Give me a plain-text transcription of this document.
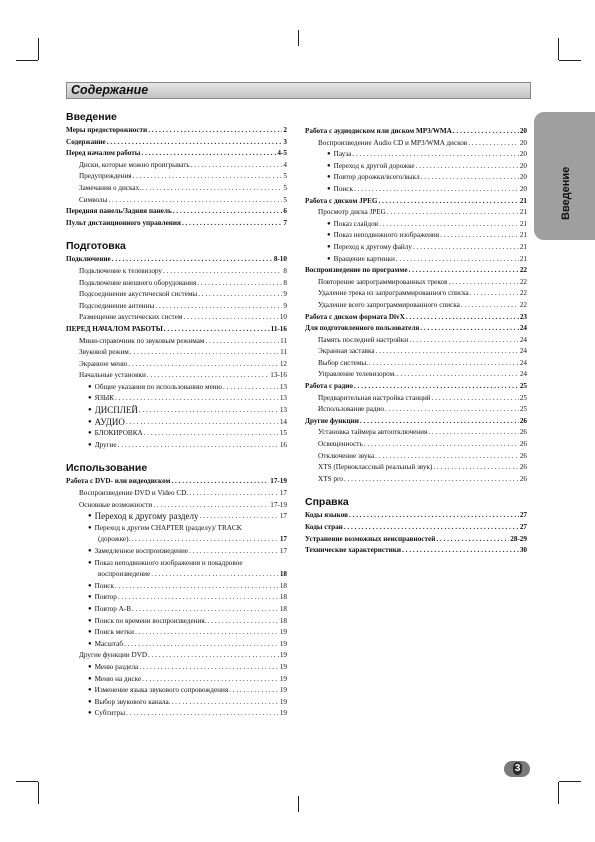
Содержание
Введение
Введение
Меры предосторожности . . .	2
Содержание . . .	3
Перед началом работы . . .	4-5
Диски, которые можно проигрывать . . .	4
Предупреждения . . .	5
Замечания о дисках. . . .	5
Символы . . .	5
Передняя панель/Задняя панель . . .	6
Пульт дистанционного управления . . .	7
Подготовка
Подключение . . .	8-10
Подключение к телевизору . . .	8
Подключение внешнего оборудования . . .	8
Подсоединение акустической системы . . .	9
Подсоединение антенны . . .	9
Размещение акустических систем . . .	10
ПЕРЕД НАЧАЛОМ РАБОТЫ . . .	11-16
Мини-справочник по звуковым режимам . . .	11
Звуковой режим . . .	11
Экранное меню . . .	12
Начальные установки . . .	13-16
● Общие указания по использованию меню . . .	13
● ЯЗЫК . . .	13
● ДИСПЛЕЙ . . .	13
● АУДИО . . .	14
● БЛОКИРОВКА . . .	15
● Другие . . .	16
Использование
Работа с DVD- или видеодиском . . .	17-19
Воспроизведение DVD и Video CD. . . .	17
Основные возможности . . .	17-19
● Переход к другому разделу . . .	17
● Переход к другим CHAPTER (разделу)/ TRACK
(дорожке). . . .	17
● Замедленное воспроизведение . . .	17
● Показ неподвижного изображения и покадровое
воспроизведение . . .	18
● Поиск . . .	18
● Повтор . . .	18
● Повтор A-B . . .	18
● Поиск по времени воспроизведения. . . .	18
● Поиск метки . . .	19
● Масштаб . . .	19
Другие функции DVD . . .	19
● Меню раздела . . .	19
● Меню на диске . . .	19
● Изменение языка звукового сопровождения . . .	19
● Выбор звукового канала. . . .	19
● Субтитры . . .	19
Работа с аудиодиском или диском MP3/WMA . . .	20
Воспроизведение Audio CD и MP3/WMA дисков . . .	20
● Пауза . . .	20
● Переход к другой дорожке . . .	20
● Повтор дорожки/всего/выкл . . .	20
● Поиск . . .	20
Работа с диском JPEG . . .	21
Просмотр диска JPEG . . .	21
● Показ слайдов . . .	21
● Показ неподвижного изображения . . .	21
● Переход к другому файлу . . .	21
● Вращение картинки . . .	21
Воспроизведение по программе . . .	22
Повторение запрограммированных треков . . .	22
Удаление трека из запрограммированного списка . . .	22
Удаление всего запрограммированного списка . . .	22
Работа с диском формата DivX . . .	23
Для подготовленного пользователя . . .	24
Память последней настройки . . .	24
Экранная заставка . . .	24
Выбор системы. . . .	24
Управление телевизором. . . .	24
Работа с радио . . .	25
Предварительная настройка станций . . .	25
Использование радио . . .	25
Другие функции . . .	26
Установка таймера автоотключения . . .	26
Освещенность . . .	26
Отключение звука . . .	26
XTS (Первоклассный реальный звук) . . .	26
XTS pro . . .	26
Справка
Коды языков . . .	27
Коды стран . . .	27
Устранение возможных неисправностей . . .	28-29
Технические характеристики . . .	30
3
